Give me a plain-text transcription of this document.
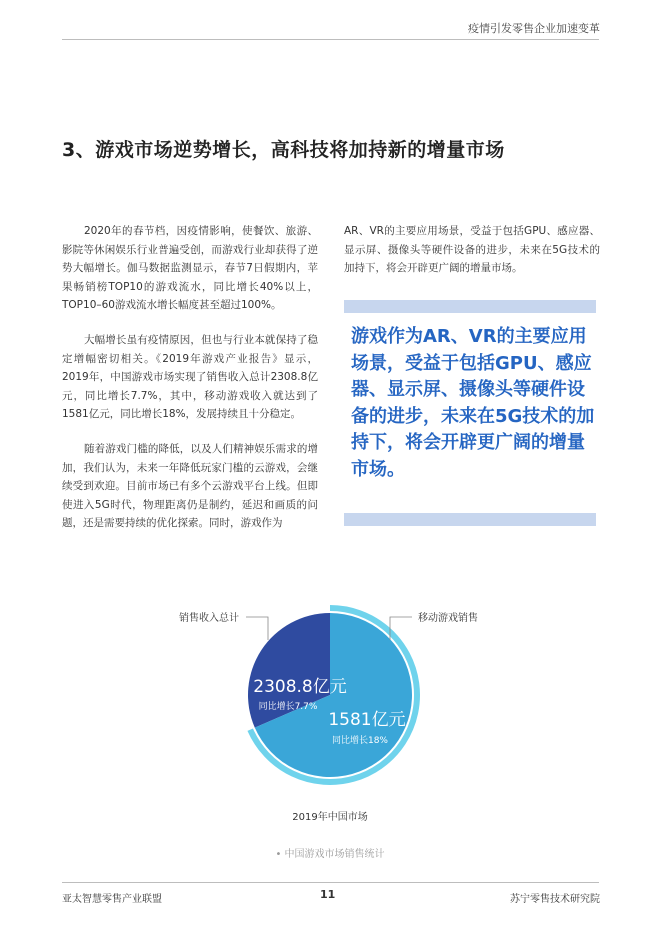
疫情引发零售企业加速变革
3、游戏市场逆势增长，高科技将加持新的增量市场

2020年的春节档，因疫情影响，使餐饮、旅游、影院等休闲娱乐行业普遍受创，而游戏行业却获得了逆势大幅增长。伽马数据监测显示，春节7日假期内，苹果畅销榜TOP10的游戏流水，同比增长40%以上，TOP10–60游戏流水增长幅度甚至超过100%。

大幅增长虽有疫情原因，但也与行业本就保持了稳定增幅密切相关。《2019年游戏产业报告》显示，2019年，中国游戏市场实现了销售收入总计2308.8亿元，同比增长7.7%，其中，移动游戏收入就达到了1581亿元，同比增长18%，发展持续且十分稳定。

随着游戏门槛的降低，以及人们精神娱乐需求的增加，我们认为，未来一年降低玩家门槛的云游戏，会继续受到欢迎。目前市场已有多个云游戏平台上线。但即使进入5G时代，物理距离仍是制约，延迟和画质的问题，还是需要持续的优化探索。同时，游戏作为

AR、VR的主要应用场景，受益于包括GPU、感应器、显示屏、摄像头等硬件设备的进步，未来在5G技术的加持下，将会开辟更广阔的增量市场。

游戏作为AR、VR的主要应用场景，受益于包括GPU、感应器、显示屏、摄像头等硬件设备的进步，未来在5G技术的加持下，将会开辟更广阔的增量市场。
销售收入总计	移动游戏销售
2308.8亿元
同比增长7.7%
1581亿元
同比增长18%
2019年中国市场
• 中国游戏市场销售统计
亚太智慧零售产业联盟	11	苏宁零售技术研究院
